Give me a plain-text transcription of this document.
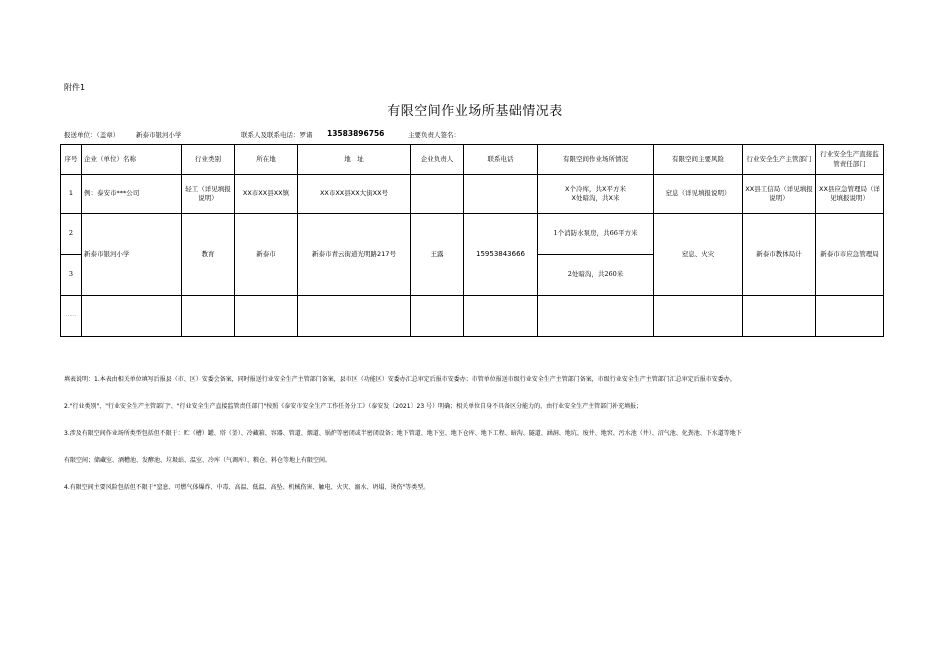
附件1
有限空间作业场所基础情况表
报送单位：（盖章）	新泰市银河小学	联系人及联系电话：罗诸 13583896756	主要负责人签名：
序号	企业（单位）名称	行业类别	所在地	地　址	企业负责人	联系电话	有限空间作业场所情况	有限空间主要风险	行业安全生产主管部门	行业安全生产直接监管责任部门
1	例：泰安市***公司	轻工（详见填报说明）	XX市XX县XX镇	XX市XX县XX大街XX号			X个冷库，共X平方米
X处暗沟，共X米	窒息（详见填报说明）	XX县工信局（详见填报说明）	XX县应急管理局（详见填报说明）
2	新泰市银河小学	教育	新泰市	新泰市青云街道光明路217号	王露	15953843666	1个消防水泵房，共66平方米	窒息、火灾	新泰市教体局计	新泰市市应急管理局
3							2处暗沟，共260米			
……										

填表说明：1.本表由相关单位填写后报县（市、区）安委会备案，同时报送行业安全生产主管部门备案，县市区（功能区）安委办汇总审定后报市安委办；市管单位报送市级行业安全生产主管部门备案，市级行业安全生产主管部门汇总审定后报市安委办。

2."行业类别"、"行业安全生产主管部门"、"行业安全生产直接监管责任部门"按照《泰安市安全生产工作任务分工》（泰安发〔2021〕23 号）明确；相关单位自身不具备区分能力的，由行业安全生产主管部门补充填报；

3.涉及有限空间作业场所类型包括但不限于：贮（槽）罐、塔（釜）、冷藏箱、容器、管道、烟道、锅炉等密闭或半密闭设备；地下管道、地下室、地下仓库、地下工程、暗沟、隧道、涵洞、地坑、废井、地窖、污水池（井）、沼气池、化粪池、下水道等地下

有限空间；储藏室、酒糟池、发酵池、垃圾站、温室、冷库（气调库）、粮仓、料仓等地上有限空间。

4.有限空间主要风险包括但不限于"窒息、可燃气体爆炸、中毒、高温、低温、高坠、机械伤害、触电、火灾、溺水、坍塌、烫伤"等类型。
